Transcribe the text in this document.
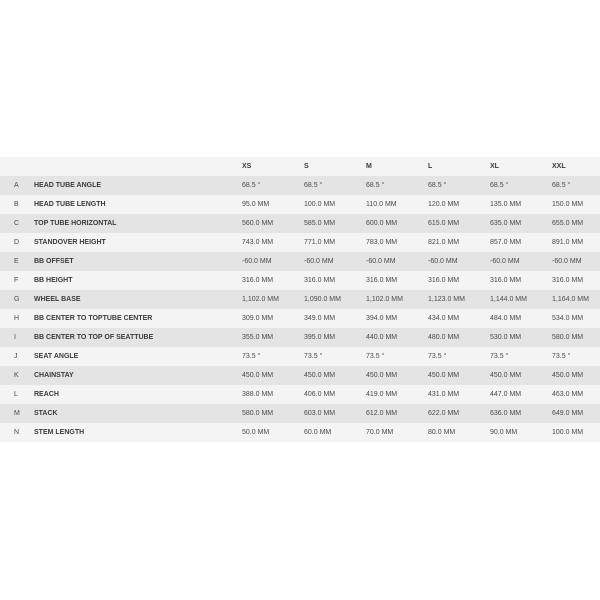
		XS	S	M	L	XL	XXL
A	HEAD TUBE ANGLE	68.5 °	68.5 °	68.5 °	68.5 °	68.5 °	68.5 °
B	HEAD TUBE LENGTH	95.0 MM	100.0 MM	110.0 MM	120.0 MM	135.0 MM	150.0 MM
C	TOP TUBE HORIZONTAL	560.0 MM	585.0 MM	600.0 MM	615.0 MM	635.0 MM	655.0 MM
D	STANDOVER HEIGHT	743.0 MM	771.0 MM	783.0 MM	821.0 MM	857.0 MM	891.0 MM
E	BB OFFSET	-60.0 MM	-60.0 MM	-60.0 MM	-60.0 MM	-60.0 MM	-60.0 MM
F	BB HEIGHT	316.0 MM	316.0 MM	316.0 MM	316.0 MM	316.0 MM	316.0 MM
G	WHEEL BASE	1,102.0 MM	1,090.0 MM	1,102.0 MM	1,123.0 MM	1,144.0 MM	1,164.0 MM
H	BB CENTER TO TOPTUBE CENTER	309.0 MM	349.0 MM	394.0 MM	434.0 MM	484.0 MM	534.0 MM
I	BB CENTER TO TOP OF SEATTUBE	355.0 MM	395.0 MM	440.0 MM	480.0 MM	530.0 MM	580.0 MM
J	SEAT ANGLE	73.5 °	73.5 °	73.5 °	73.5 °	73.5 °	73.5 °
K	CHAINSTAY	450.0 MM	450.0 MM	450.0 MM	450.0 MM	450.0 MM	450.0 MM
L	REACH	388.0 MM	406.0 MM	419.0 MM	431.0 MM	447.0 MM	463.0 MM
M	STACK	580.0 MM	603.0 MM	612.0 MM	622.0 MM	636.0 MM	649.0 MM
N	STEM LENGTH	50.0 MM	60.0 MM	70.0 MM	80.0 MM	90.0 MM	100.0 MM
